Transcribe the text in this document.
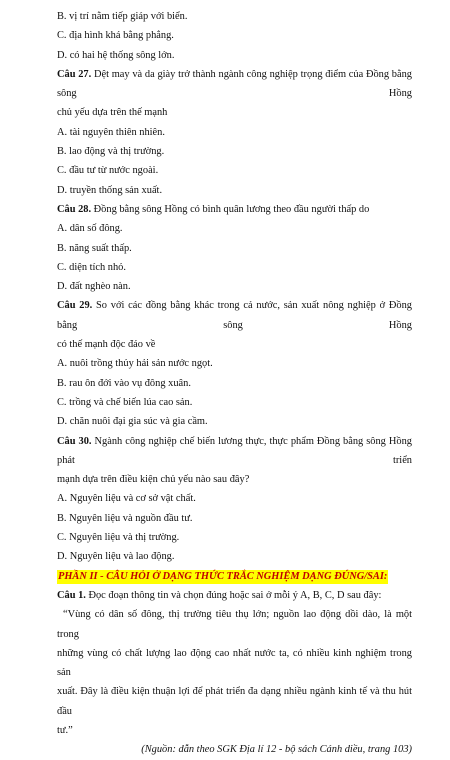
B. vị trí nằm tiếp giáp với biển.
C. địa hình khá bằng phẳng.
D. có hai hệ thống sông lớn.
Câu 27. Dệt may và da giày trở thành ngành công nghiệp trọng điểm của Đồng bằng sông Hồng
chủ yếu dựa trên thế mạnh
A. tài nguyên thiên nhiên.
B. lao động và thị trường.
C. đầu tư từ nước ngoài.
D. truyền thống sản xuất.
Câu 28. Đồng bằng sông Hồng có bình quân lương theo đầu người thấp do
A. dân số đông.
B. năng suất thấp.
C. diện tích nhỏ.
D. đất nghèo nàn.
Câu 29. So với các đồng bằng khác trong cả nước, sản xuất nông nghiệp ở Đồng bằng sông Hồng
có thế mạnh độc đáo về
A. nuôi trồng thủy hải sản nước ngọt.
B. rau ôn đới vào vụ đông xuân.
C. trồng và chế biến lúa cao sản.
D. chăn nuôi đại gia súc và gia cầm.
Câu 30. Ngành công nghiệp chế biến lương thực, thực phẩm Đồng bằng sông Hồng phát triển
mạnh dựa trên điều kiện chủ yếu nào sau đây?
A. Nguyên liệu và cơ sở vật chất.
B. Nguyên liệu và nguồn đầu tư.
C. Nguyên liệu và thị trường.
D. Nguyên liệu và lao động.
PHẦN II - CÂU HỎI Ở DẠNG THỨC TRẮC NGHIỆM DẠNG ĐÚNG/SAI:
Câu 1. Đọc đoạn thông tin và chọn đúng hoặc sai ở mỗi ý A, B, C, D sau đây:
“Vùng có dân số đông, thị trường tiêu thụ lớn; nguồn lao động dồi dào, là một trong
những vùng có chất lượng lao động cao nhất nước ta, có nhiều kinh nghiệm trong sản
xuất. Đây là điều kiện thuận lợi để phát triển đa dạng nhiều ngành kinh tế và thu hút đầu
tư.”
(Nguồn: dẫn theo SGK Địa lí 12 - bộ sách Cánh diều, trang 103)
